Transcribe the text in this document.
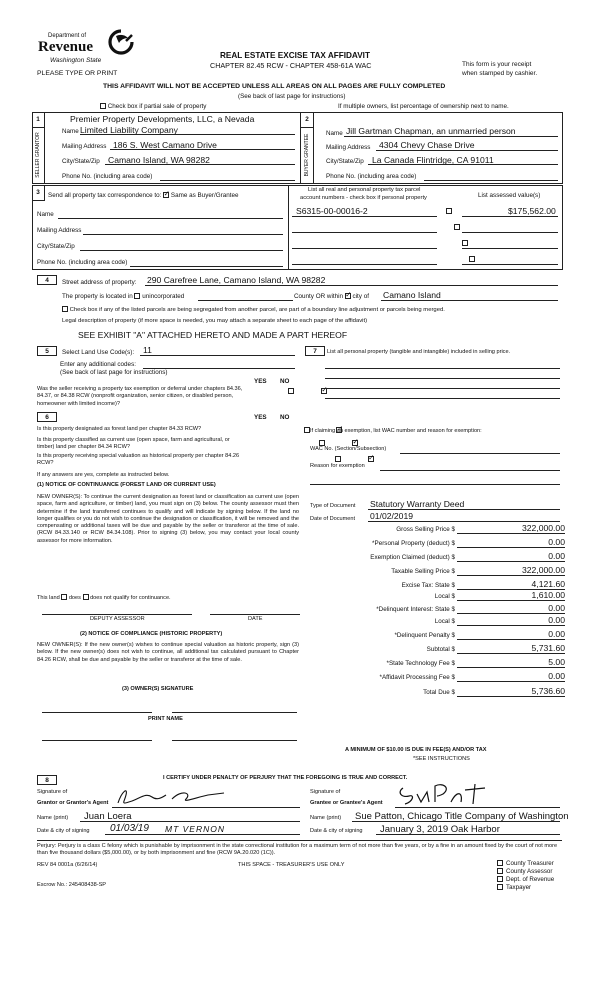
Department of
Revenue
Washington State
PLEASE TYPE OR PRINT
REAL ESTATE EXCISE TAX AFFIDAVIT
CHAPTER 82.45 RCW - CHAPTER 458-61A WAC	This form is your receipt
when stamped by cashier.
THIS AFFIDAVIT WILL NOT BE ACCEPTED UNLESS ALL AREAS ON ALL PAGES ARE FULLY COMPLETED
(See back of last page for instructions)
Check box if partial sale of property	If multiple owners, list percentage of ownership next to name.
1
SELLER GRANTOR
Premier Property Developments, LLC, a Nevada
Name Limited Liability Company
Mailing Address 186 S. West Camano Drive
City/State/Zip Camano Island, WA 98282
Phone No. (including area code)
2
BUYER GRANTEE
Name Jill Gartman Chapman, an unmarried person
Mailing Address 4304 Chevy Chase Drive
City/State/Zip La Canada Flintridge, CA 91011
Phone No. (including area code)
3	Send all property tax correspondence to: ✓ Same as Buyer/Grantee
List all real and personal property tax parcel
account numbers - check box if personal property	List assessed value(s)
Name
Mailing Address
City/State/Zip
Phone No. (including area code)
S6315-00-00016-2	$175,562.00

4	Street address of property: 290 Carefree Lane, Camano Island, WA 98282
The property is located in unincorporated	County OR within ✓ city of Camano Island
Check box if any of the listed parcels are being segregated from another parcel, are part of a boundary line adjustment or parcels being merged.
Legal description of property (if more space is needed, you may attach a separate sheet to each page of the affidavit)
SEE EXHIBIT "A" ATTACHED HERETO AND MADE A PART HEREOF
5	Select Land Use Code(s): 11
Enter any additional codes:
(See back of last page for instructions)
YES NO
Was the seller receiving a property tax exemption or deferral under chapters 84.36, 84.37, or 84.38 RCW (nonprofit organization, senior citizen, or disabled person, homeowner with limited income)?
✓
6	YES NO
Is this property designated as forest land per chapter 84.33 RCW?
✓
Is this property classified as current use (open space, farm and agricultural, or timber) land per chapter 84.34 RCW?
✓
Is this property receiving special valuation as historical property per chapter 84.26 RCW?
✓
If any answers are yes, complete as instructed below.
(1) NOTICE OF CONTINUANCE (FOREST LAND OR CURRENT USE)
NEW OWNER(S): To continue the current designation as forest land or classification as current use (open space, farm and agriculture, or timber) land, you must sign on (3) below. The county assessor must then determine if the land transferred continues to qualify and will indicate by signing below. If the land no longer qualifies or you do not wish to continue the designation or classification, it will be removed and the compensating or additional taxes will be due and payable by the seller or transferor at the time of sale. (RCW 84.33.140 or RCW 84.34.108). Prior to signing (3) below, you may contact your local county assessor for more information.
This land  does  does not qualify for continuance.
DEPUTY ASSESSOR	DATE
(2) NOTICE OF COMPLIANCE (HISTORIC PROPERTY)
NEW OWNER(S): If the new owner(s) wishes to continue special valuation as historic property, sign (3) below. If the new owner(s) does not wish to continue, all additional tax calculated pursuant to Chapter 84.26 RCW, shall be due and payable by the seller or transferor at the time of sale.
(3) OWNER(S) SIGNATURE
PRINT NAME
7	List all personal property (tangible and intangible) included in selling price.
If claiming an exemption, list WAC number and reason for exemption:
WAC No. (Section/Subsection)
Reason for exemption
Type of Document Statutory Warranty Deed
Date of Document 01/02/2019
Gross Selling Price $	322,000.00
*Personal Property (deduct) $	0.00
Exemption Claimed (deduct) $	0.00
Taxable Selling Price $	322,000.00
Excise Tax: State $	4,121.60
Local $	1,610.00
*Delinquent Interest: State $	0.00
Local $	0.00
*Delinquent Penalty $	0.00
Subtotal $	5,731.60
*State Technology Fee $	5.00
*Affidavit Processing Fee $	0.00
Total Due $	5,736.60
A MINIMUM OF $10.00 IS DUE IN FEE(S) AND/OR TAX
*SEE INSTRUCTIONS
8	I CERTIFY UNDER PENALTY OF PERJURY THAT THE FOREGOING IS TRUE AND CORRECT.
Signature of
Grantor or Grantor's Agent
Name (print) Juan Loera
Date & city of signing 01/03/19 MT VERNON
Signature of
Grantee or Grantee's Agent
Name (print) Sue Patton, Chicago Title Company of Washington
Date & city of signing January 3, 2019 Oak Harbor
Perjury: Perjury is a class C felony which is punishable by imprisonment in the state correctional institution for a maximum term of not more than five years, or by a fine in an amount fixed by the court of not more than five thousand dollars ($5,000.00), or by both imprisonment and fine (RCW 9A.20.020 (1C)).
REV 84 0001a (6/26/14)	THIS SPACE - TREASURER'S USE ONLY
Escrow No.: 245408438-SP
County Treasurer
County Assessor
Dept. of Revenue
Taxpayer
